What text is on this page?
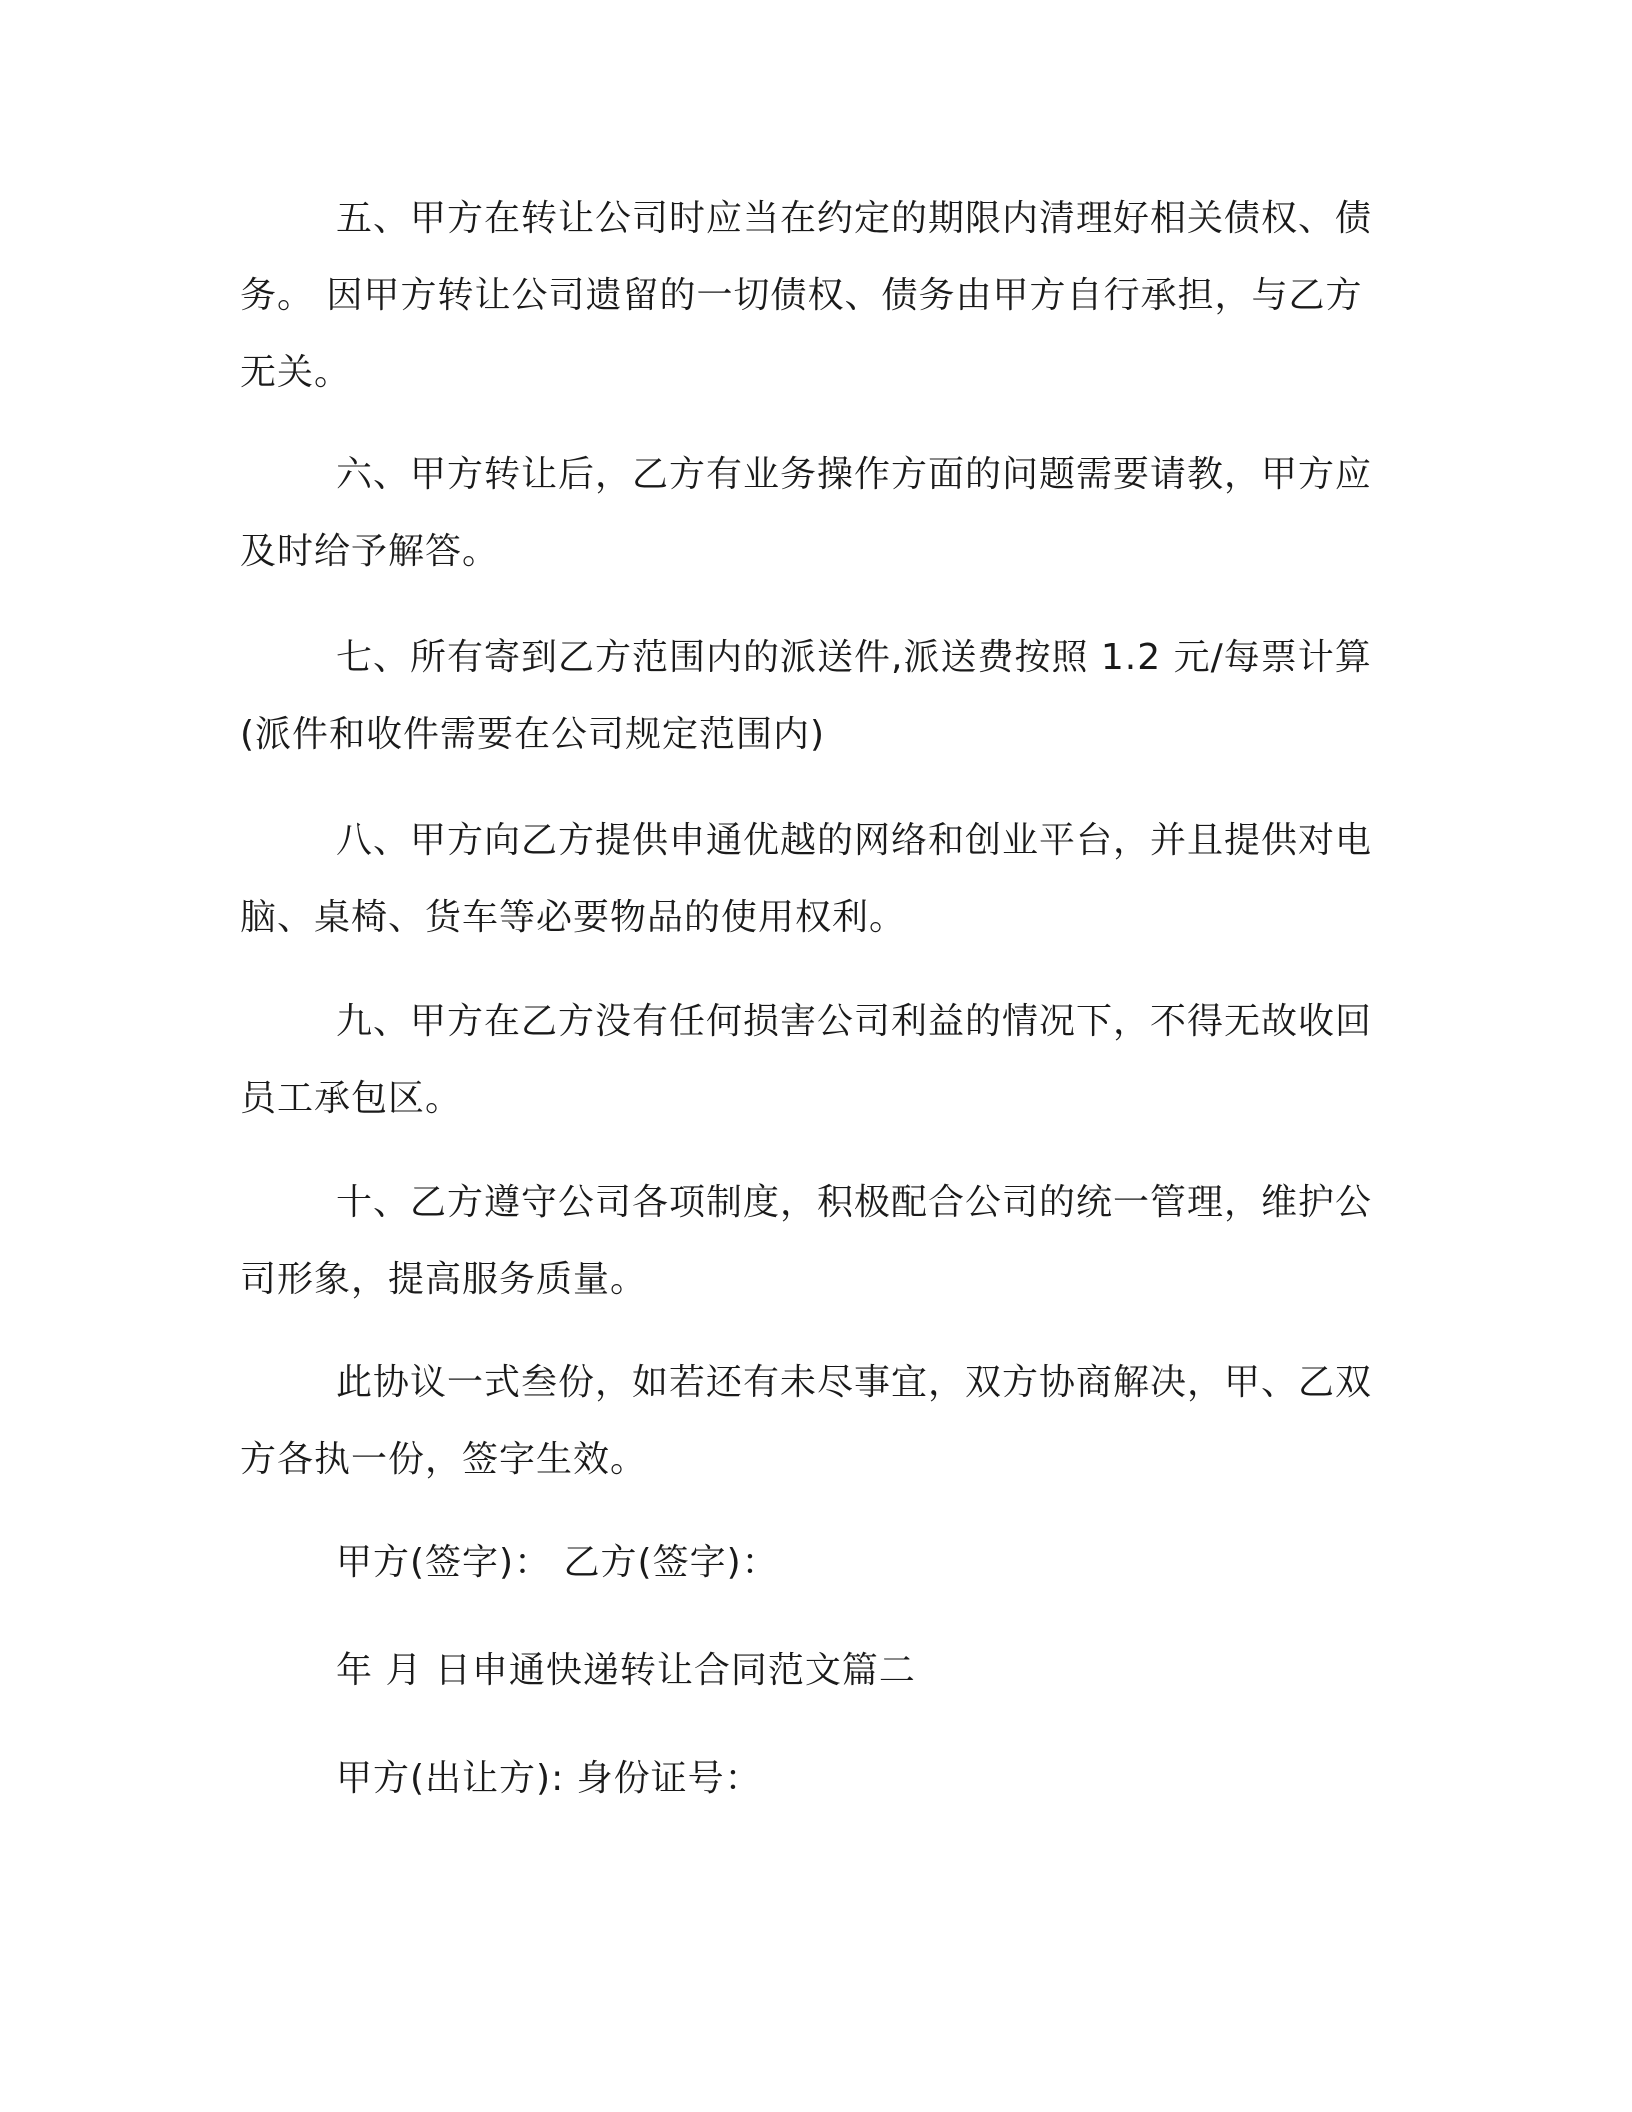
五、甲方在转让公司时应当在约定的期限内清理好相关债权、债务。 因甲方转让公司遗留的一切债权、债务由甲方自行承担，与乙方无关。

六、甲方转让后，乙方有业务操作方面的问题需要请教，甲方应及时给予解答。

七、所有寄到乙方范围内的派送件,派送费按照 1.2 元/每票计算(派件和收件需要在公司规定范围内)

八、甲方向乙方提供申通优越的网络和创业平台，并且提供对电脑、桌椅、货车等必要物品的使用权利。

九、甲方在乙方没有任何损害公司利益的情况下，不得无故收回员工承包区。

十、乙方遵守公司各项制度，积极配合公司的统一管理，维护公司形象，提高服务质量。

此协议一式叁份，如若还有未尽事宜，双方协商解决，甲、乙双方各执一份，签字生效。

甲方(签字)： 乙方(签字)：

年 月 日申通快递转让合同范文篇二

甲方(出让方): 身份证号：
